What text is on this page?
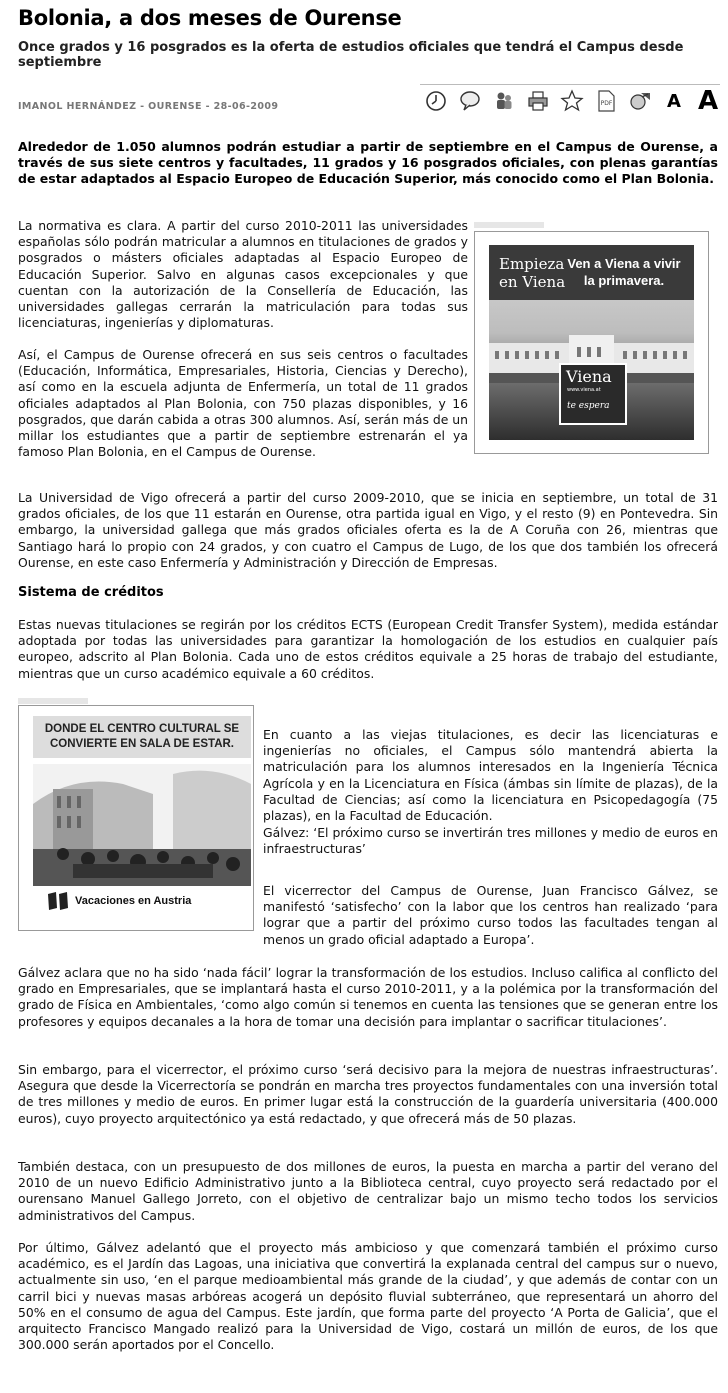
Bolonia, a dos meses de Ourense

Once grados y 16 posgrados es la oferta de estudios oficiales que tendrá el Campus desde septiembre

IMANOL HERNÁNDEZ - OURENSE - 28-06-2009	PDF	A A

Alrededor de 1.050 alumnos podrán estudiar a partir de septiembre en el Campus de Ourense, a través de sus siete centros y facultades, 11 grados y 16 posgrados oficiales, con plenas garantías de estar adaptados al Espacio Europeo de Educación Superior, más conocido como el Plan Bolonia.

La normativa es clara. A partir del curso 2010-2011 las universidades españolas sólo podrán matricular a alumnos en titulaciones de grados y posgrados o másters oficiales adaptadas al Espacio Europeo de Educación Superior. Salvo en algunas casos excepcionales y que cuentan con la autorización de la Consellería de Educación, las universidades gallegas cerrarán la matriculación para todas sus licenciaturas, ingenierías y diplomaturas.

Así, el Campus de Ourense ofrecerá en sus seis centros o facultades (Educación, Informática, Empresariales, Historia, Ciencias y Derecho), así como en la escuela adjunta de Enfermería, un total de 11 grados oficiales adaptados al Plan Bolonia, con 750 plazas disponibles, y 16 posgrados, que darán cabida a otras 300 alumnos. Así, serán más de un millar los estudiantes que a partir de septiembre estrenarán el ya famoso Plan Bolonia, en el Campus de Ourense.

Empieza en Viena
Ven a Viena a vivir la primavera.
Viena
www.viena.at
te espera

La Universidad de Vigo ofrecerá a partir del curso 2009-2010, que se inicia en septiembre, un total de 31 grados oficiales, de los que 11 estarán en Ourense, otra partida igual en Vigo, y el resto (9) en Pontevedra. Sin embargo, la universidad gallega que más grados oficiales oferta es la de A Coruña con 26, mientras que Santiago hará lo propio con 24 grados, y con cuatro el Campus de Lugo, de los que dos también los ofrecerá Ourense, en este caso Enfermería y Administración y Dirección de Empresas.

Sistema de créditos

Estas nuevas titulaciones se regirán por los créditos ECTS (European Credit Transfer System), medida estándar adoptada por todas las universidades para garantizar la homologación de los estudios en cualquier país europeo, adscrito al Plan Bolonia. Cada uno de estos créditos equivale a 25 horas de trabajo del estudiante, mientras que un curso académico equivale a 60 créditos.

DONDE EL CENTRO CULTURAL SE CONVIERTE EN SALA DE ESTAR.
Vacaciones en Austria

En cuanto a las viejas titulaciones, es decir las licenciaturas e ingenierías no oficiales, el Campus sólo mantendrá abierta la matriculación para los alumnos interesados en la Ingeniería Técnica Agrícola y en la Licenciatura en Física (ámbas sin límite de plazas), de la Facultad de Ciencias; así como la licenciatura en Psicopedagogía (75 plazas), en la Facultad de Educación.

Gálvez: ‘El próximo curso se invertirán tres millones y medio de euros en infraestructuras’

El vicerrector del Campus de Ourense, Juan Francisco Gálvez, se manifestó ‘satisfecho’ con la labor que los centros han realizado ‘para lograr que a partir del próximo curso todos las facultades tengan al menos un grado oficial adaptado a Europa’.

Gálvez aclara que no ha sido ‘nada fácil’ lograr la transformación de los estudios. Incluso califica al conflicto del grado en Empresariales, que se implantará hasta el curso 2010-2011, y a la polémica por la transformación del grado de Física en Ambientales, ‘como algo común si tenemos en cuenta las tensiones que se generan entre los profesores y equipos decanales a la hora de tomar una decisión para implantar o sacrificar titulaciones’.

Sin embargo, para el vicerrector, el próximo curso ‘será decisivo para la mejora de nuestras infraestructuras’. Asegura que desde la Vicerrectoría se pondrán en marcha tres proyectos fundamentales con una inversión total de tres millones y medio de euros. En primer lugar está la construcción de la guardería universitaria (400.000 euros), cuyo proyecto arquitectónico ya está redactado, y que ofrecerá más de 50 plazas.

También destaca, con un presupuesto de dos millones de euros, la puesta en marcha a partir del verano del 2010 de un nuevo Edificio Administrativo junto a la Biblioteca central, cuyo proyecto será redactado por el ourensano Manuel Gallego Jorreto, con el objetivo de centralizar bajo un mismo techo todos los servicios administrativos del Campus.

Por último, Gálvez adelantó que el proyecto más ambicioso y que comenzará también el próximo curso académico, es el Jardín das Lagoas, una iniciativa que convertirá la explanada central del campus sur o nuevo, actualmente sin uso, ‘en el parque medioambiental más grande de la ciudad’, y que además de contar con un carril bici y nuevas masas arbóreas acogerá un depósito fluvial subterráneo, que representará un ahorro del 50% en el consumo de agua del Campus. Este jardín, que forma parte del proyecto ‘A Porta de Galicia’, que el arquitecto Francisco Mangado realizó para la Universidad de Vigo, costará un millón de euros, de los que 300.000 serán aportados por el Concello.
